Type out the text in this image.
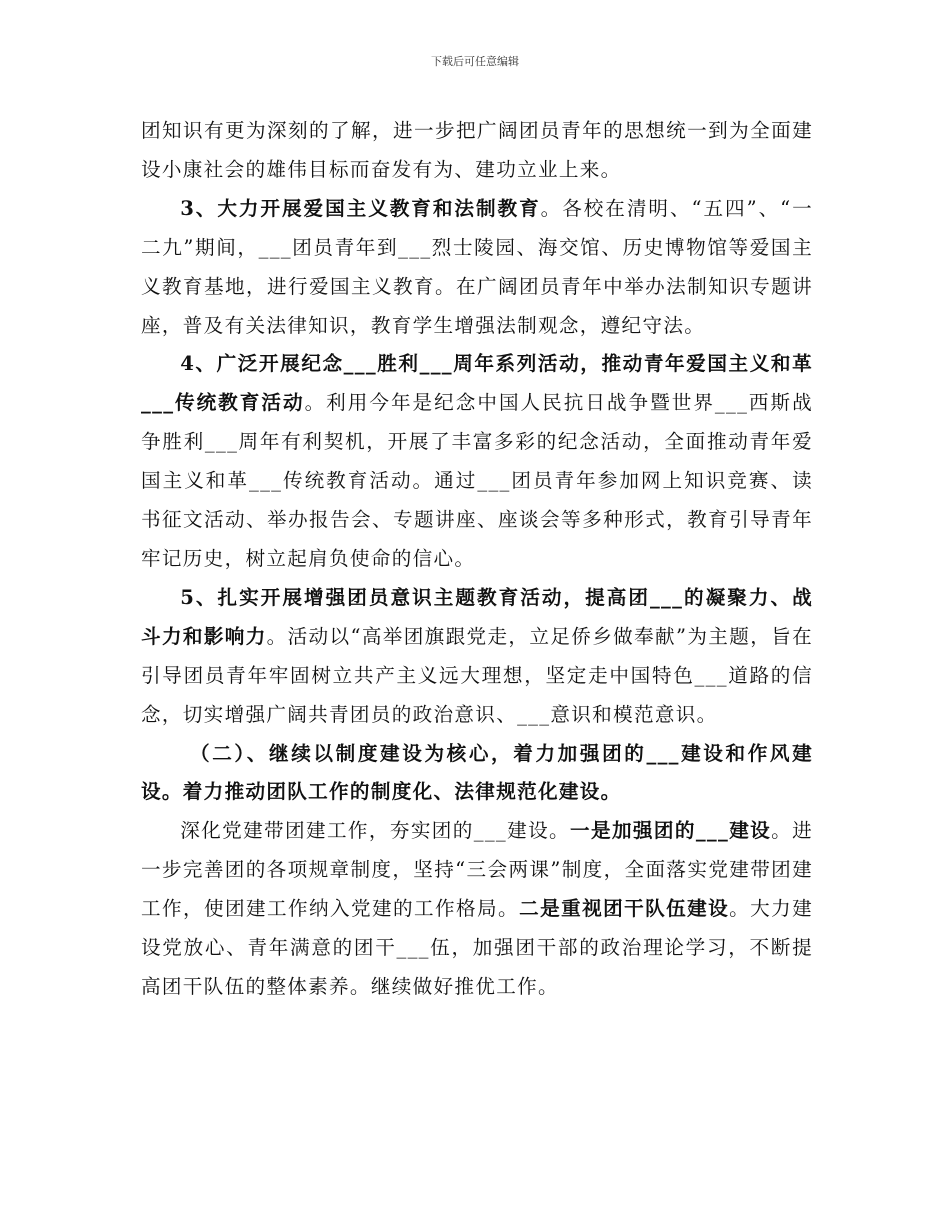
下载后可任意编辑

团知识有更为深刻的了解，进一步把广阔团员青年的思想统一到为全面建设小康社会的雄伟目标而奋发有为、建功立业上来。

3、大力开展爱国主义教育和法制教育。各校在清明、“五四”、“一二九”期间，___团员青年到___烈士陵园、海交馆、历史博物馆等爱国主义教育基地，进行爱国主义教育。在广阔团员青年中举办法制知识专题讲座，普及有关法律知识，教育学生增强法制观念，遵纪守法。

4、广泛开展纪念___胜利___周年系列活动，推动青年爱国主义和革___传统教育活动。利用今年是纪念中国人民抗日战争暨世界___西斯战争胜利___周年有利契机，开展了丰富多彩的纪念活动，全面推动青年爱国主义和革___传统教育活动。通过___团员青年参加网上知识竞赛、读书征文活动、举办报告会、专题讲座、座谈会等多种形式，教育引导青年牢记历史，树立起肩负使命的信心。

5、扎实开展增强团员意识主题教育活动，提高团___的凝聚力、战斗力和影响力。活动以“高举团旗跟党走，立足侨乡做奉献”为主题，旨在引导团员青年牢固树立共产主义远大理想，坚定走中国特色___道路的信念，切实增强广阔共青团员的政治意识、___意识和模范意识。

（二）、继续以制度建设为核心，着力加强团的___建设和作风建设。着力推动团队工作的制度化、法律规范化建设。

深化党建带团建工作，夯实团的___建设。一是加强团的___建设。进一步完善团的各项规章制度，坚持“三会两课”制度，全面落实党建带团建工作，使团建工作纳入党建的工作格局。二是重视团干队伍建设。大力建设党放心、青年满意的团干___伍，加强团干部的政治理论学习，不断提高团干队伍的整体素养。继续做好推优工作。
